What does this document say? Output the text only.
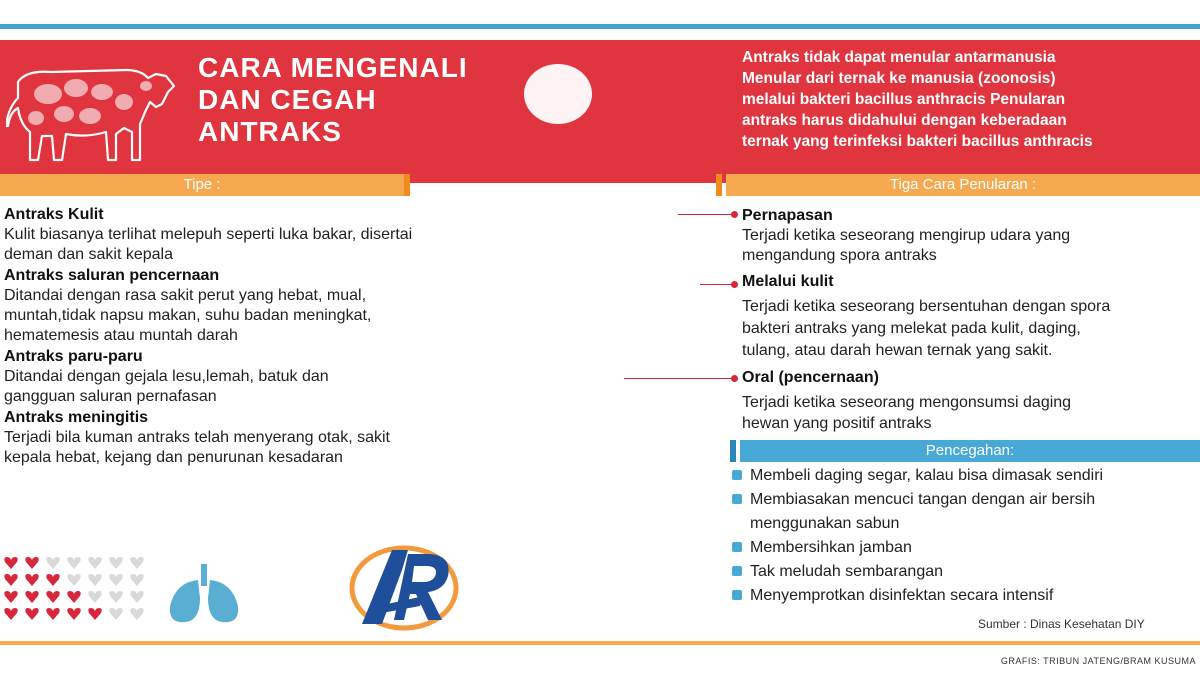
CARA MENGENALI
DAN CEGAH
ANTRAKS
Antraks tidak dapat menular antarmanusia
Menular dari ternak ke manusia (zoonosis)
melalui bakteri bacillus anthracis Penularan
antraks harus didahului dengan keberadaan
ternak yang terinfeksi bakteri bacillus anthracis
Tipe :
Antraks Kulit

Kulit biasanya terlihat melepuh seperti luka bakar, disertai deman dan sakit kepala

Antraks saluran pencernaan

Ditandai dengan rasa sakit perut yang hebat, mual, muntah,tidak napsu makan, suhu badan meningkat, hematemesis atau muntah darah

Antraks paru-paru

Ditandai dengan gejala lesu,lemah, batuk dan gangguan saluran pernafasan

Antraks meningitis

Terjadi bila kuman antraks telah menyerang otak, sakit kepala hebat, kejang dan penurunan kesadaran

Tiga Cara Penularan :
Pernapasan

Terjadi ketika seseorang mengirup udara yang
mengandung spora antraks

Melalui kulit

Terjadi ketika seseorang bersentuhan dengan spora
bakteri antraks yang melekat pada kulit, daging,
tulang, atau darah hewan ternak yang sakit.

Oral (pencernaan)

Terjadi ketika seseorang mengonsumsi daging
hewan yang positif antraks

Pencegahan:
Membeli daging segar, kalau bisa dimasak sendiri
Membiasakan mencuci tangan dengan air bersih
menggunakan sabun
Membersihkan jamban
Tak meludah sembarangan
Menyemprotkan disinfektan secara intensif
Sumber : Dinas Kesehatan DIY
GRAFIS: TRIBUN JATENG/BRAM KUSUMA
